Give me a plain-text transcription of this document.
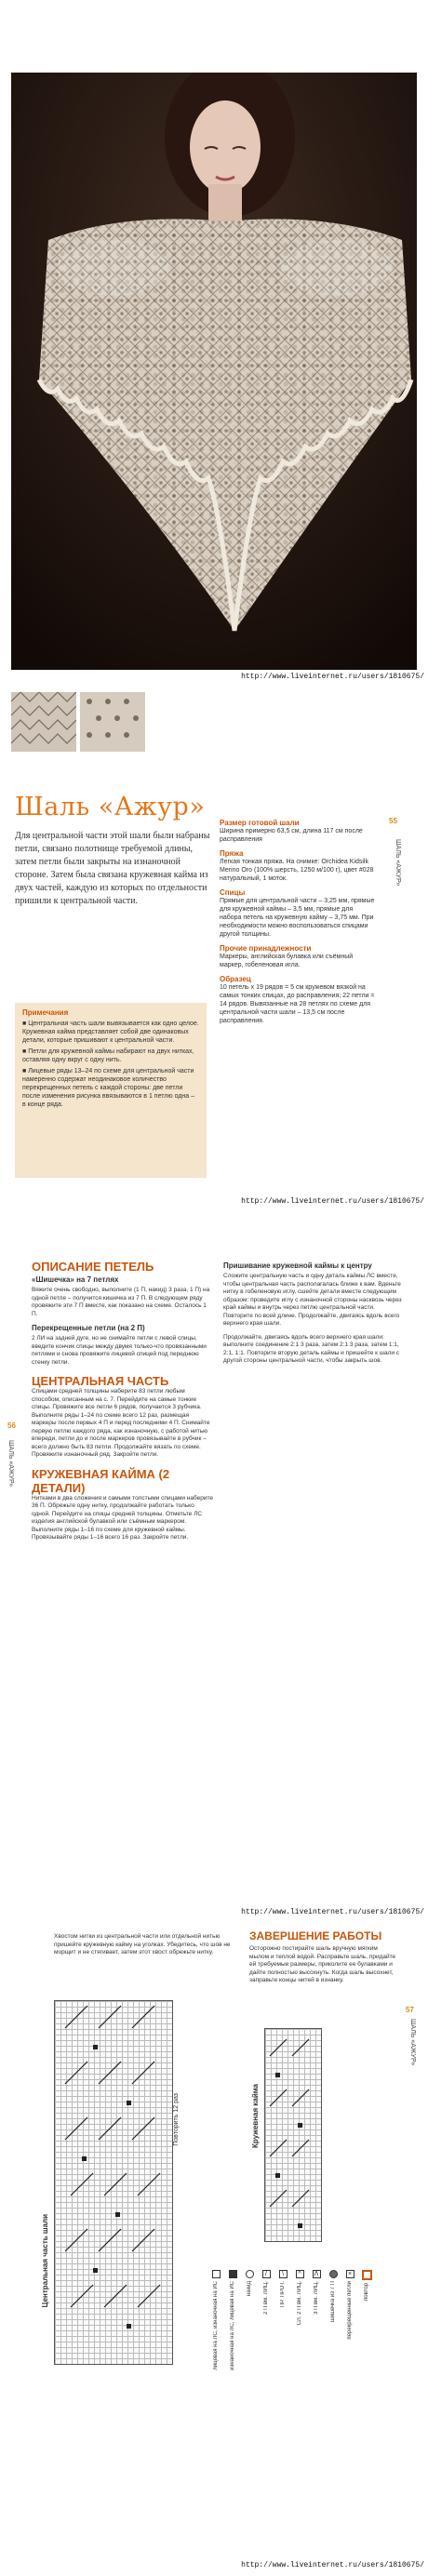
http://www.liveinternet.ru/users/1810675/
Шаль «Ажур»
Для центральной части этой шали были набраны петли, связано полотнище требуемой длины, затем петли были закрыты на изнаночной стороне. Затем была связана кружевная кайма из двух частей, каждую из которых по отдельности пришили к центральной части.
Размер готовой шали
Ширина примерно 63,5 см, длина 117 см после расправления
Пряжа
Легкая тонкая пряжа. На снимке: Orchidea Kidsilk Merino Oro (100% шерсть, 1250 м/100 г), цвет #028 натуральный, 1 моток.
Спицы
Прямые для центральной части – 3,25 мм, прямые для кружевной каймы – 3,5 мм, прямые для набора петель на кружевную кайму – 3,75 мм. При необходимости можно воспользоваться спицами другой толщины.
Прочие принадлежности
Маркеры, английская булавка или съёмный маркер, гобеленовая игла.
Образец
10 петель х 19 рядов = 5 см кружевом вязкой на самых тонких спицах, до расправления; 22 петли = 14 рядов. Вывязанные на 28 петлях по схеме для центральной части шали – 13,5 см после расправления.
55
ШАЛЬ «АЖУР»
Примечания
■ Центральная часть шали вывязывается как одно целое. Кружевная кайма представляет собой две одинаковых детали, которые пришивают к центральной части.
■ Петли для кружевной каймы набирают на двух нитках, оставляя одну вкруг с одну нить.
■ Лицевые ряды 13–24 по схеме для центральной части намеренно содержат неодинаковое количество перекрещенных петель с каждой стороны: две петли после изменения рисунка ввязываются в 1 петлю одна – в конце ряда.
http://www.liveinternet.ru/users/1810675/
56
ШАЛЬ «АЖУР»
ОПИСАНИЕ ПЕТЕЛЬ
«Шишечка» на 7 петлях
Вяжите очень свободно, выполните (1 П, накид) 3 раза, 1 П) на одной петле – получится кишечка из 7 П. В следующем ряду провяжите эти 7 П вместе, как показано на схеме. Осталось 1 П.
Перекрещенные петли (на 2 П)
2 ЛИ на задней дуге, но не снимайте петли с левой спицы, введите кончик спицы между двумя только-что провязанными петлями и снова провяжите лицевой спицей под переднюю стенку петли.
ЦЕНТРАЛЬНАЯ ЧАСТЬ
Спицами средней толщины наберите 83 петли любым способом, описанным на с. 7. Перейдите на самые тонкие спицы. Провяжите все петли 6 рядов, получается 3 рубчика. Выполните ряды 1–24 по схеме всего 12 раз, размещая маркеры после первых 4 П и перед последними 4 П. Снимайте первую петлю каждого ряда, как изнаночную, с работой нитью впереди, петли до и после маркеров провязывайте в рубчик – всего должно быть 83 петли. Продолжайте вязать по схеме. Провяжите изнаночный ряд. Закройте петли.
КРУЖЕВНАЯ КАЙМА (2 ДЕТАЛИ)
Нитками в два сложения и самыми толстыми спицами наберите 36 П. Обрежьте одну нитку, продолжайте работать только одной. Перейдите на спицы средней толщины. Отметьте ЛС изделия английской булавкой или съёмным маркером. Выполните ряды 1–16 по схеме для кружевной каймы. Провязывайте ряды 1–16 всего 16 раз. Закройте петли.
Пришивание кружевной каймы к центру
Сложите центральную часть и одну деталь каймы ЛС вместе, чтобы центральная часть располагалась ближе к вам. Вденьте нитку в гобеленовую иглу, сшейте детали вместе следующим образом: проведите иглу с изнаночной стороны насквозь через край каймы и внутрь через петлю центральной части. Повторите по всей длине. Продолжайте, двигаясь вдоль всего верхнего края шали.
Продолжайте, двигаясь вдоль всего верхнего края шали: выполните соединение 2:1 3 раза, затем 2:1 3 раза, затем 1:1, 2:1, 1:1. Повторите вторую деталь каймы и пришейте к шали с другой стороны центральной части, чтобы закрыть шов.
http://www.liveinternet.ru/users/1810675/
Хвостом нитки из центральной части или отдельной нитью пришейте кружевную кайму на уголках. Убедитесь, что шов не морщит и не стягивает, затем этот хвост обрежьте нитку.
ЗАВЕРШЕНИЕ РАБОТЫ
Осторожно постирайте шаль вручную мягким мылом и теплой водой. Расправьте шаль, придайте ей требуемые размеры, приколите ее булавками и дайте полностью высохнуть. Когда шаль высохнет, заправьте концы нитей в изнанку.
57
ШАЛЬ «АЖУР»
Повторить 12 раз
Центральная часть шали
Кружевная кайма
лицевая на ЛС, изнаночная на ИС изнаночная на ЛС, лицевая на ИС накид
/
2 П вм. ЛИЦ.
\
ПР. ПРОТ.
^
СЛ. 2 П вм. ЛИЦ.
Λ
3 П вм. ЛИЦ. шишечка из 7 П
×
перекрещенные петли повтор
http://www.liveinternet.ru/users/1810675/
